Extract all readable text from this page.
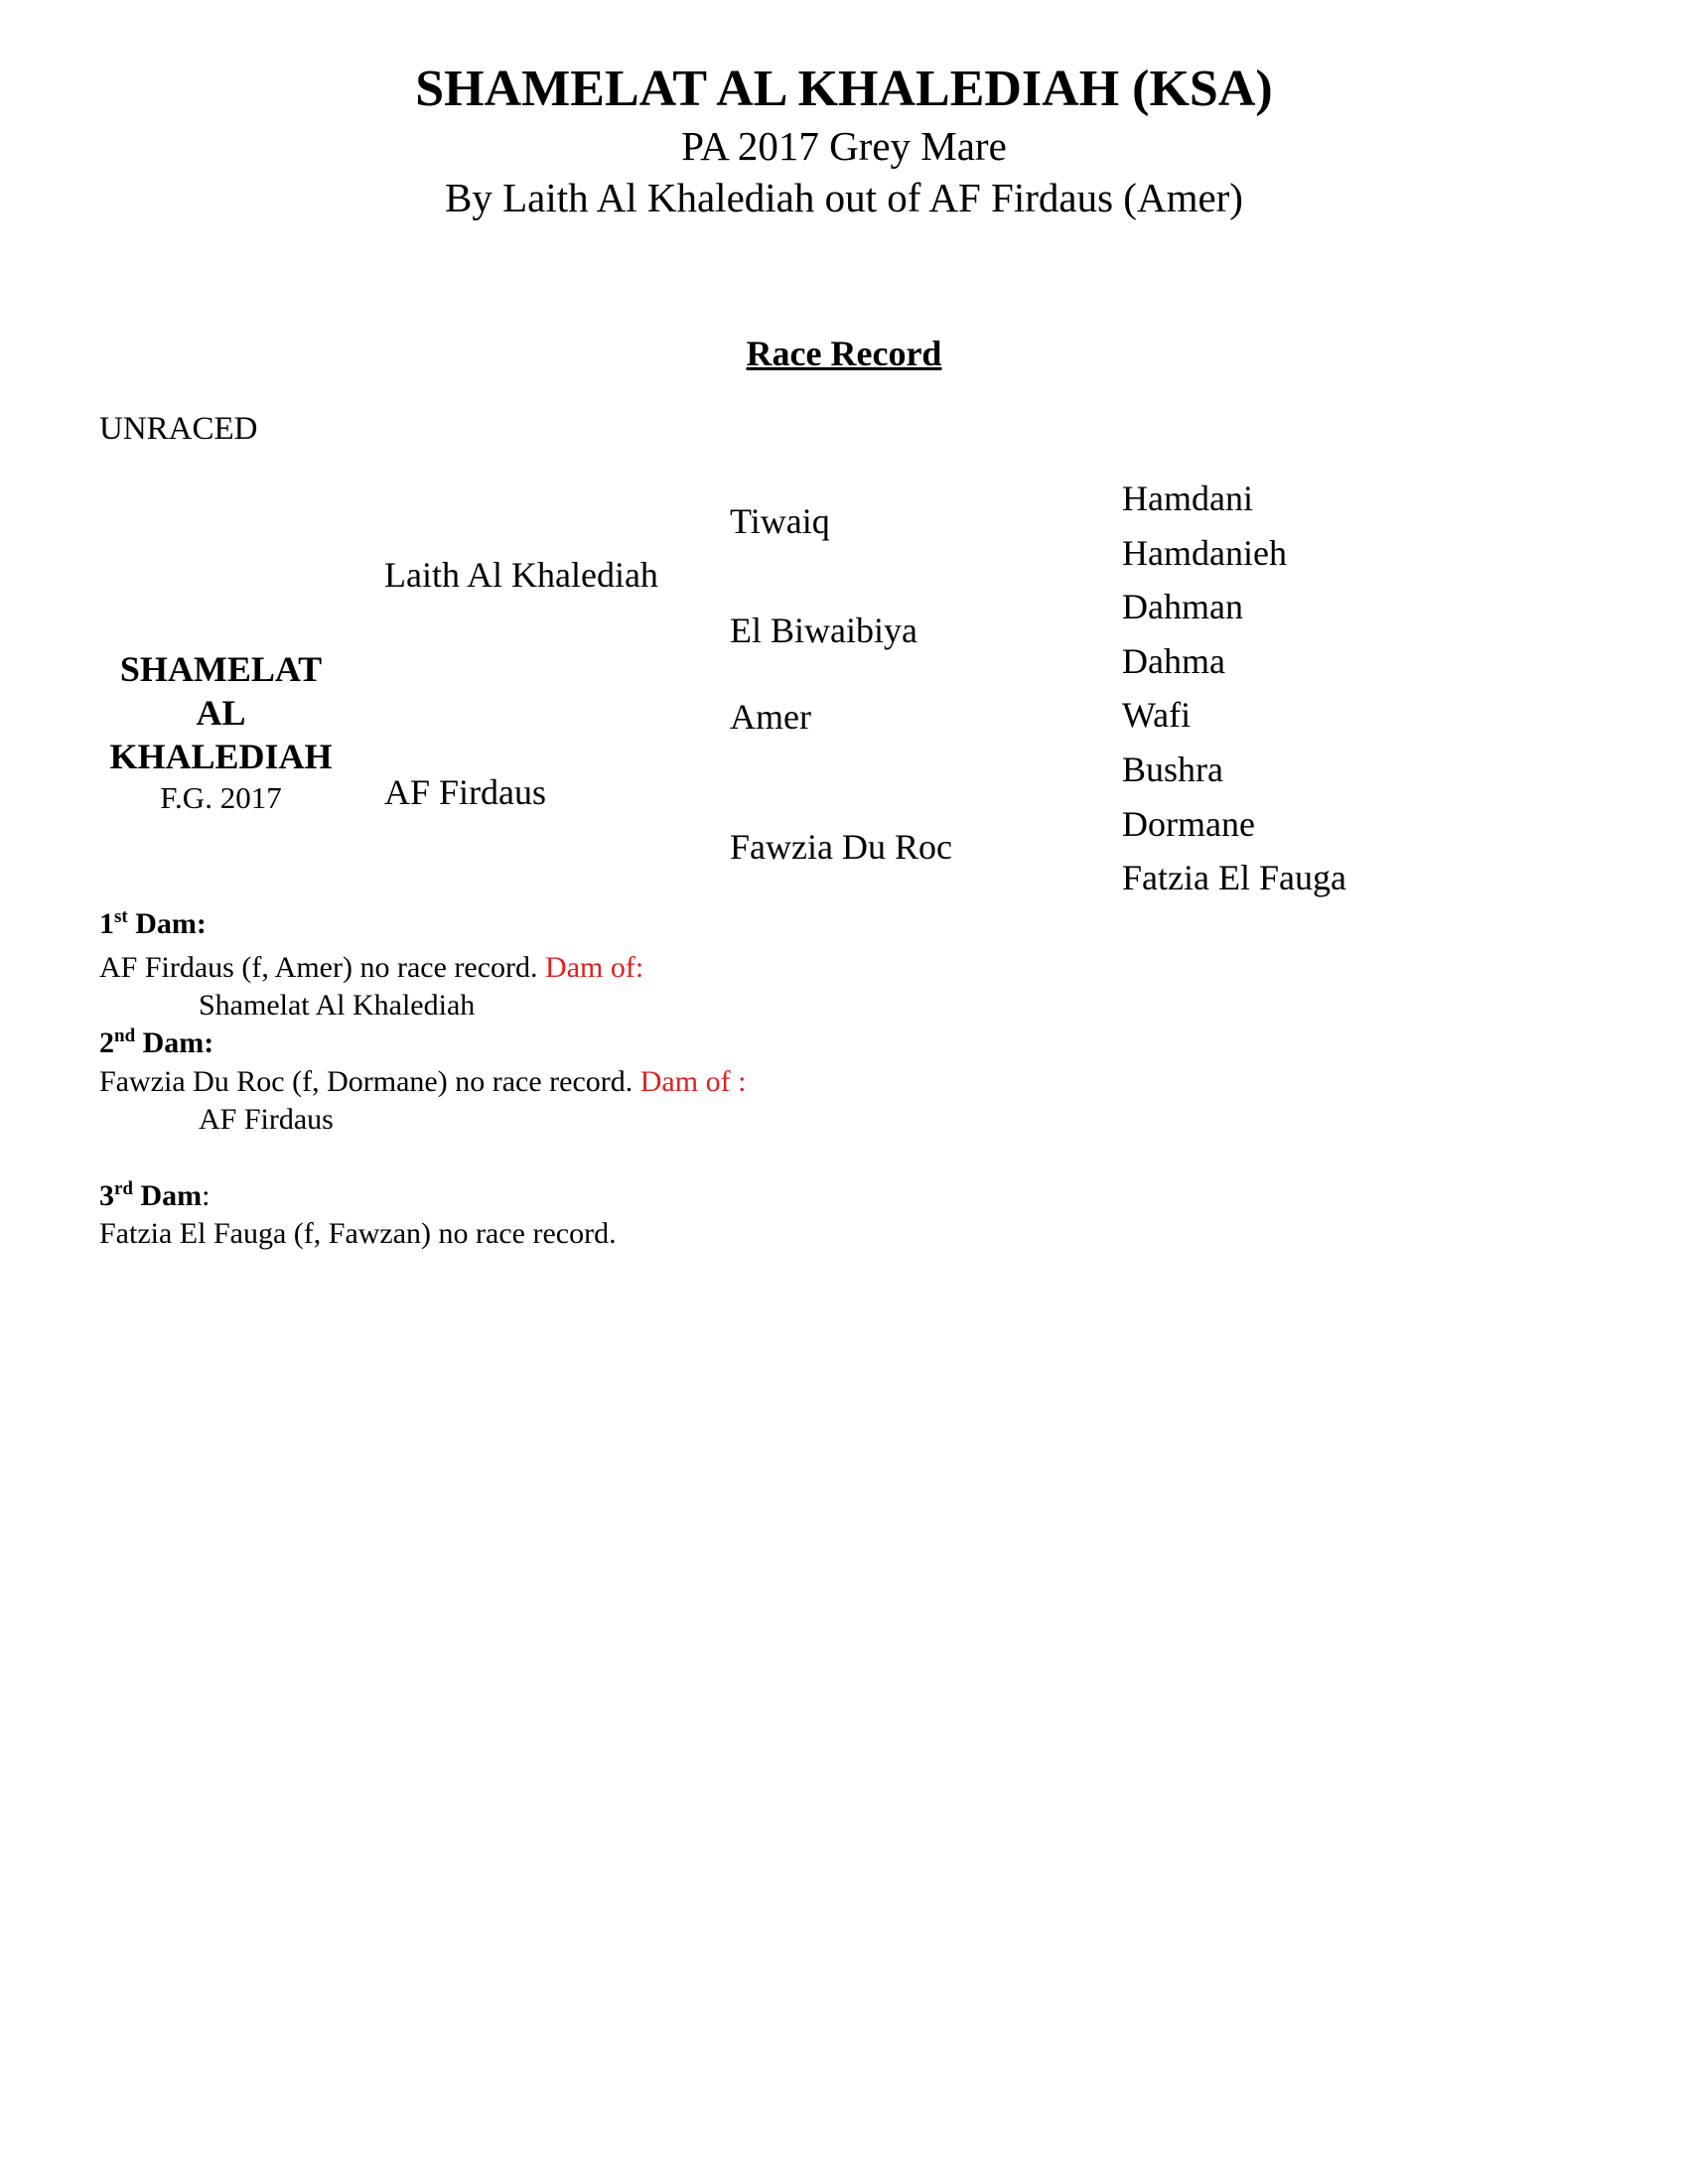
SHAMELAT AL KHALEDIAH (KSA)
PA 2017 Grey Mare
By Laith Al Khalediah out of AF Firdaus (Amer)
Race Record
UNRACED
SHAMELAT
AL
KHALEDIAH
F.G. 2017
Laith Al Khalediah
AF Firdaus
Tiwaiq
El Biwaibiya
Amer
Fawzia Du Roc
Hamdani
Hamdanieh
Dahman
Dahma
Wafi
Bushra
Dormane
Fatzia El Fauga
1st Dam:
AF Firdaus (f, Amer) no race record. Dam of:
Shamelat Al Khalediah
2nd Dam:
Fawzia Du Roc (f, Dormane) no race record. Dam of :
AF Firdaus
3rd Dam:
Fatzia El Fauga (f, Fawzan) no race record.
